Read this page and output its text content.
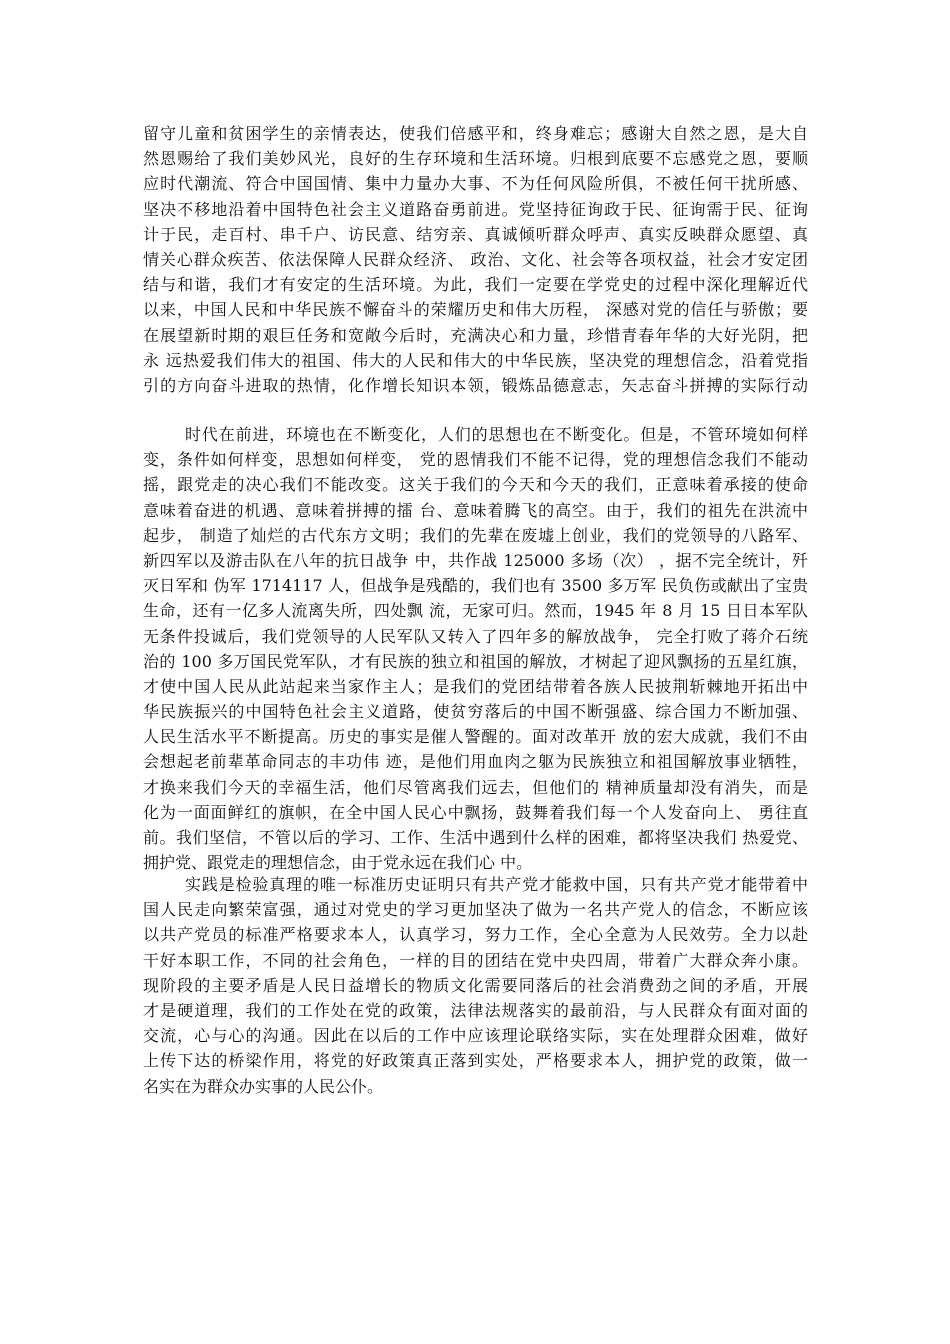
留守儿童和贫困学生的亲情表达，使我们倍感平和，终身难忘；感谢大自然之恩，是大自
然恩赐给了我们美妙风光，良好的生存环境和生活环境。归根到底要不忘感党之恩，要顺
应时代潮流、符合中国国情、集中力量办大事、不为任何风险所俱，不被任何干扰所感、
坚决不移地沿着中国特色社会主义道路奋勇前进。党坚持征询政于民、征询需于民、征询
计于民，走百村、串千户、访民意、结穷亲、真诚倾听群众呼声、真实反映群众愿望、真
情关心群众疾苦、依法保障人民群众经济、 政治、文化、社会等各项权益，社会才安定团
结与和谐，我们才有安定的生活环境。为此，我们一定要在学党史的过程中深化理解近代
以来，中国人民和中华民族不懈奋斗的荣耀历史和伟大历程， 深感对党的信任与骄傲；要
在展望新时期的艰巨任务和宽敞今后时，充满决心和力量，珍惜青春年华的大好光阴，把
永 远热爱我们伟大的祖国、伟大的人民和伟大的中华民族，坚决党的理想信念，沿着党指
引的方向奋斗进取的热情，化作增长知识本领，锻炼品德意志，矢志奋斗拼搏的实际行动
时代在前进，环境也在不断变化，人们的思想也在不断变化。但是，不管环境如何样
变，条件如何样变，思想如何样变， 党的恩情我们不能不记得，党的理想信念我们不能动
摇，跟党走的决心我们不能改变。这关于我们的今天和今天的我们，正意味着承接的使命
意味着奋进的机遇、意味着拼搏的擂 台、意味着腾飞的高空。由于，我们的祖先在洪流中
起步， 制造了灿烂的古代东方文明；我们的先辈在废墟上创业，我们的党领导的八路军、
新四军以及游击队在八年的抗日战争 中，共作战 125000 多场（次） ，据不完全统计，歼
灭日军和 伪军 1714117 人，但战争是残酷的，我们也有 3500 多万军 民负伤或献出了宝贵
生命，还有一亿多人流离失所，四处飘 流，无家可归。然而，1945 年 8 月 15 日日本军队
无条件投诚后，我们党领导的人民军队又转入了四年多的解放战争， 完全打败了蒋介石统
治的 100 多万国民党军队，才有民族的独立和祖国的解放，才树起了迎风飘扬的五星红旗，
才使中国人民从此站起来当家作主人；是我们的党团结带着各族人民披荆斩棘地开拓出中
华民族振兴的中国特色社会主义道路，使贫穷落后的中国不断强盛、综合国力不断加强、
人民生活水平不断提高。历史的事实是催人警醒的。面对改革开 放的宏大成就，我们不由
会想起老前辈革命同志的丰功伟 迹，是他们用血肉之躯为民族独立和祖国解放事业牺牲，
才换来我们今天的幸福生活，他们尽管离我们远去，但他们的 精神质量却没有消失，而是
化为一面面鲜红的旗帜，在全中国人民心中飘扬，鼓舞着我们每一个人发奋向上、 勇往直
前。我们坚信，不管以后的学习、工作、生活中遇到什么样的困难，都将坚决我们 热爱党、
拥护党、跟党走的理想信念，由于党永远在我们心 中。
实践是检验真理的唯一标准历史证明只有共产党才能救中国，只有共产党才能带着中
国人民走向繁荣富强，通过对党史的学习更加坚决了做为一名共产党人的信念，不断应该
以共产党员的标准严格要求本人，认真学习，努力工作，全心全意为人民效劳。全力以赴
干好本职工作，不同的社会角色，一样的目的团结在党中央四周，带着广大群众奔小康。
现阶段的主要矛盾是人民日益增长的物质文化需要同落后的社会消费劲之间的矛盾，开展
才是硬道理，我们的工作处在党的政策，法律法规落实的最前沿，与人民群众有面对面的
交流，心与心的沟通。因此在以后的工作中应该理论联络实际，实在处理群众困难，做好
上传下达的桥梁作用，将党的好政策真正落到实处，严格要求本人，拥护党的政策，做一
名实在为群众办实事的人民公仆。
